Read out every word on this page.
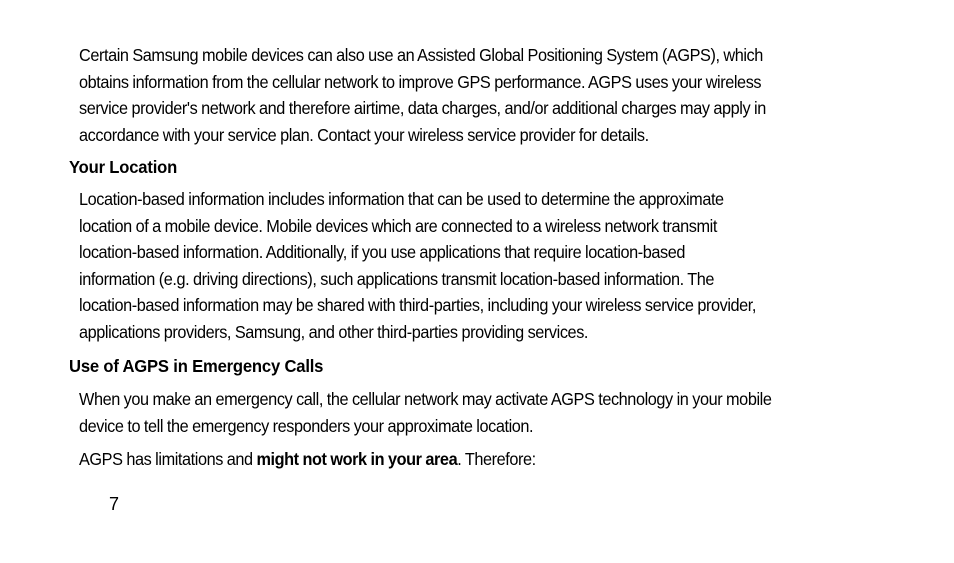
Certain Samsung mobile devices can also use an Assisted Global Positioning System (AGPS), which
obtains information from the cellular network to improve GPS performance. AGPS uses your wireless
service provider's network and therefore airtime, data charges, and/or additional charges may apply in
accordance with your service plan. Contact your wireless service provider for details.

Your Location

Location-based information includes information that can be used to determine the approximate
location of a mobile device. Mobile devices which are connected to a wireless network transmit
location-based information. Additionally, if you use applications that require location-based
information (e.g. driving directions), such applications transmit location-based information. The
location-based information may be shared with third-parties, including your wireless service provider,
applications providers, Samsung, and other third-parties providing services.

Use of AGPS in Emergency Calls

When you make an emergency call, the cellular network may activate AGPS technology in your mobile
device to tell the emergency responders your approximate location.

AGPS has limitations and might not work in your area. Therefore:

7
